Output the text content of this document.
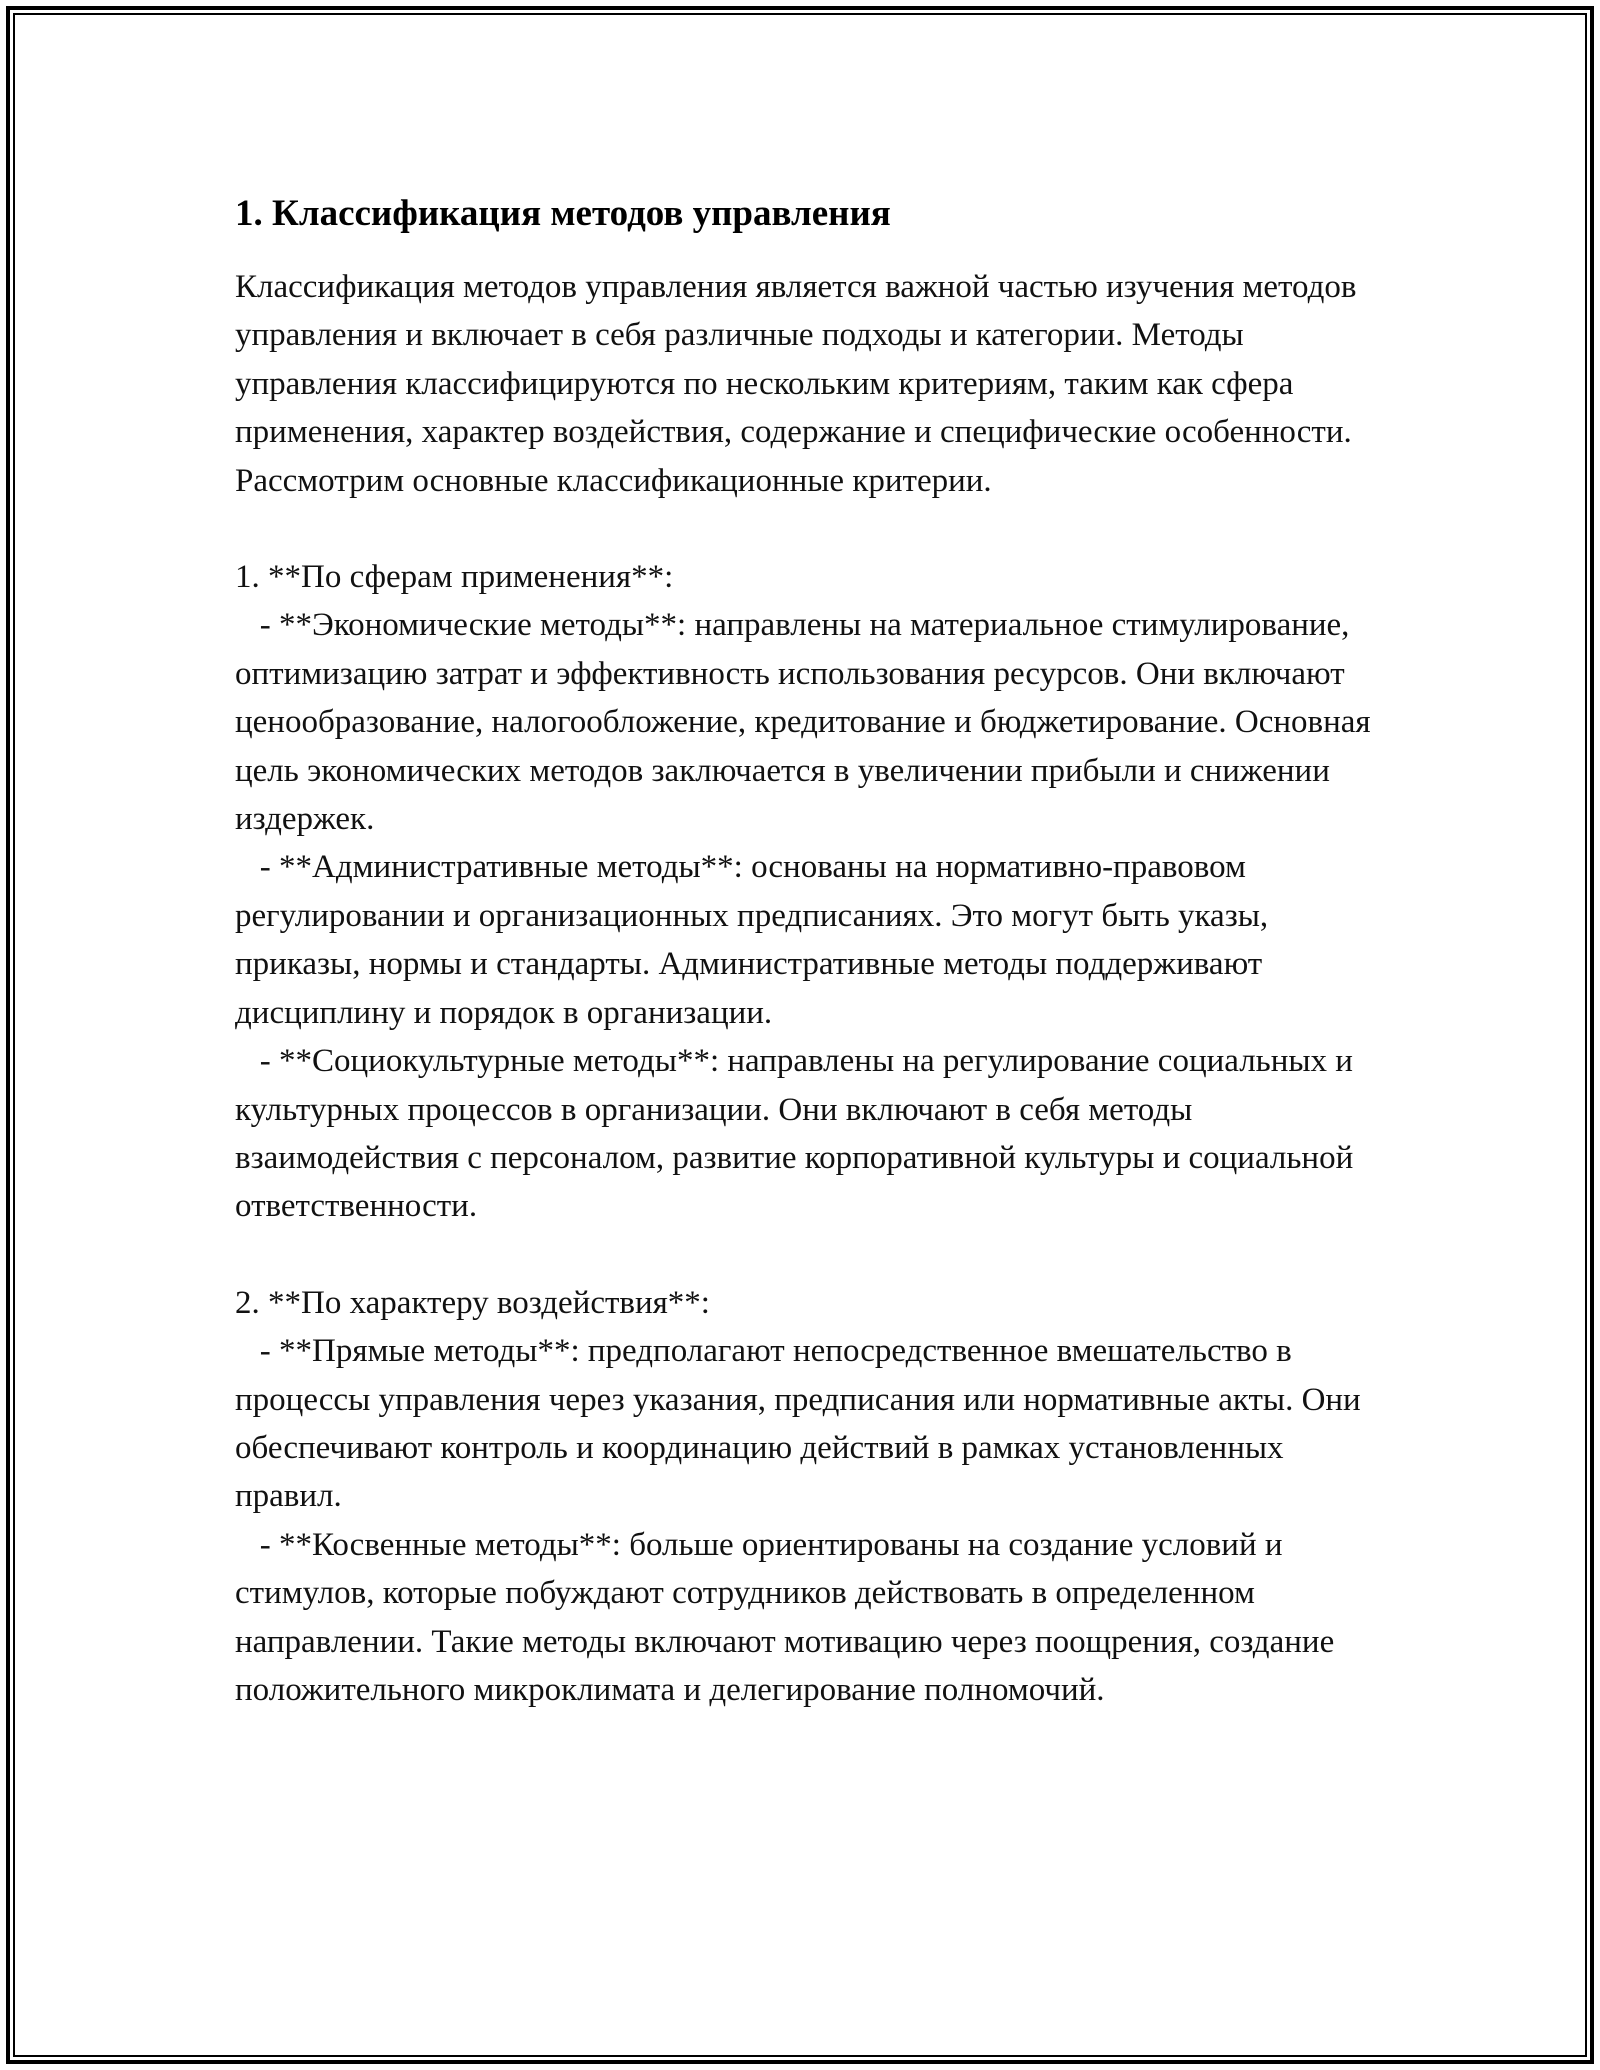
1. Классификация методов управления

Классификация методов управления является важной частью изучения методов управления и включает в себя различные подходы и категории. Методы управления классифицируются по нескольким критериям, таким как сфера применения, характер воздействия, содержание и специфические особенности. Рассмотрим основные классификационные критерии.

1. **По сферам применения**:

- **Экономические методы**: направлены на материальное стимулирование, оптимизацию затрат и эффективность использования ресурсов. Они включают ценообразование, налогообложение, кредитование и бюджетирование. Основная цель экономических методов заключается в увеличении прибыли и снижении издержек.

- **Административные методы**: основаны на нормативно-правовом регулировании и организационных предписаниях. Это могут быть указы, приказы, нормы и стандарты. Административные методы поддерживают дисциплину и порядок в организации.

- **Социокультурные методы**: направлены на регулирование социальных и культурных процессов в организации. Они включают в себя методы взаимодействия с персоналом, развитие корпоративной культуры и социальной ответственности.

2. **По характеру воздействия**:

- **Прямые методы**: предполагают непосредственное вмешательство в процессы управления через указания, предписания или нормативные акты. Они обеспечивают контроль и координацию действий в рамках установленных правил.

- **Косвенные методы**: больше ориентированы на создание условий и стимулов, которые побуждают сотрудников действовать в определенном направлении. Такие методы включают мотивацию через поощрения, создание положительного микроклимата и делегирование полномочий.
